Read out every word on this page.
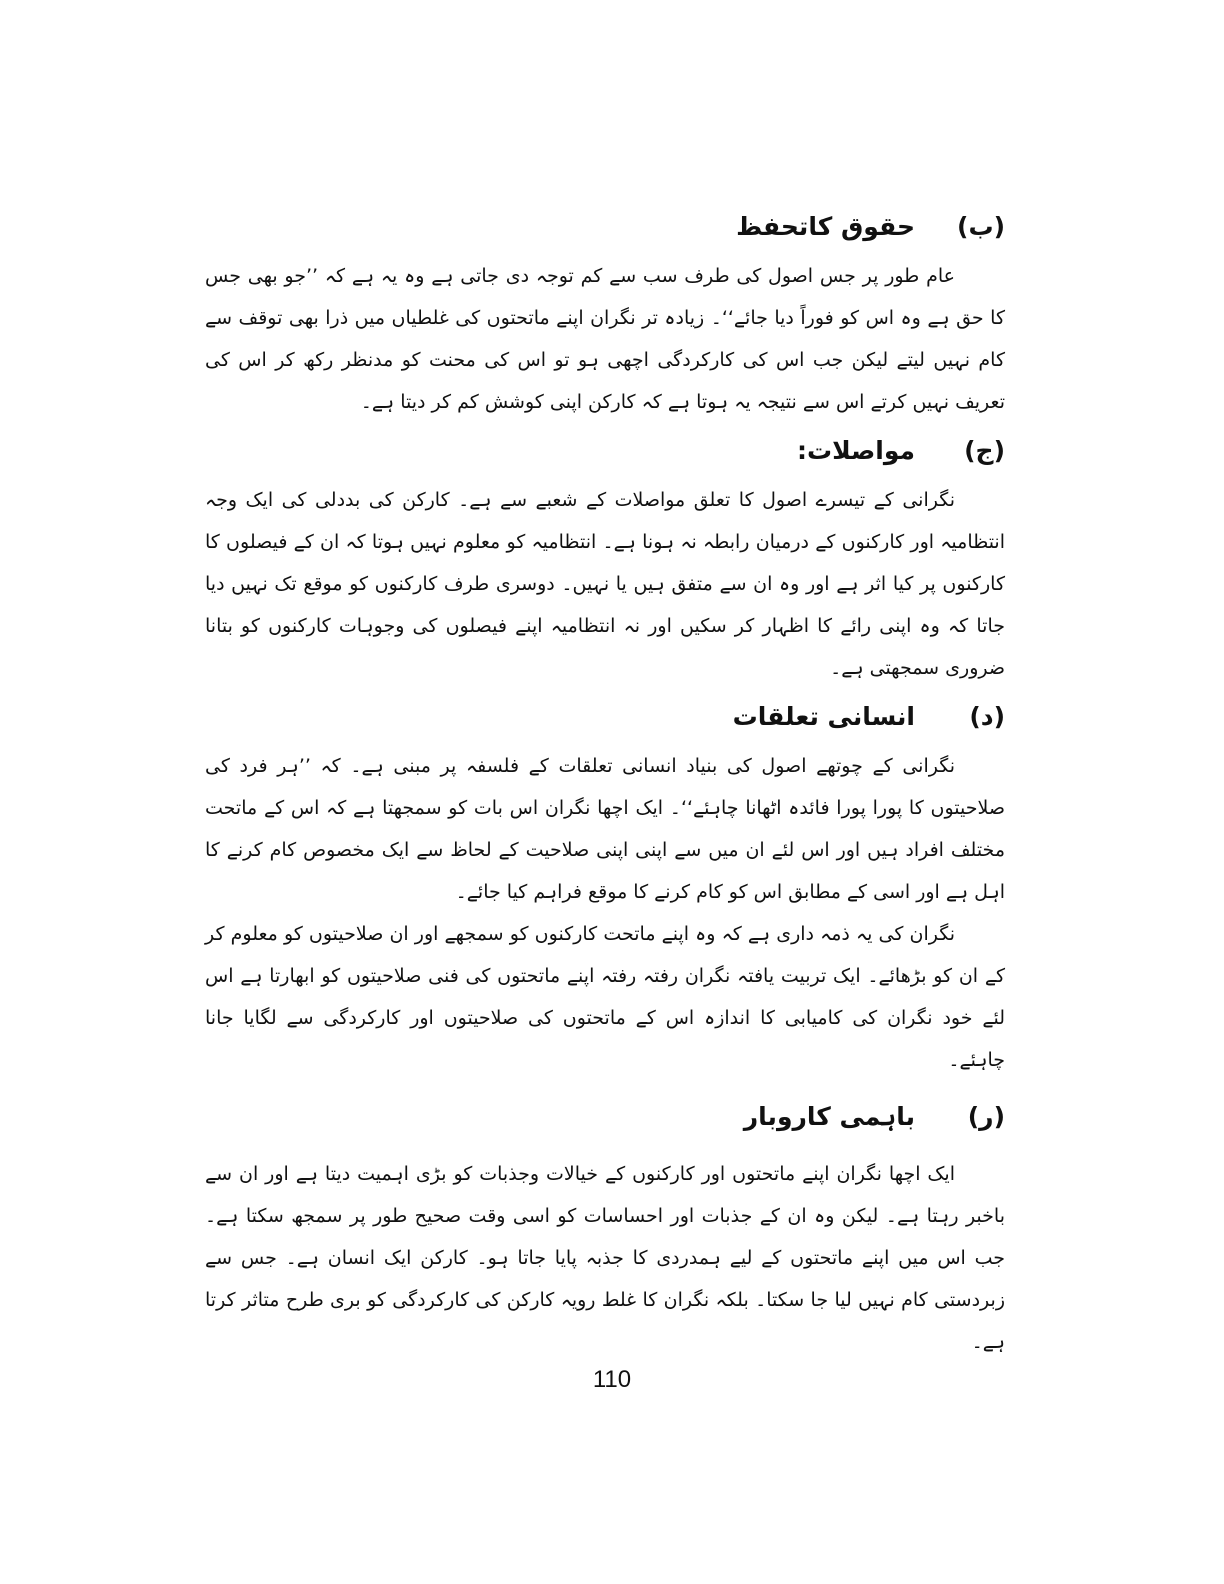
(ب)
حقوق کاتحفظ

عام طور پر جس اصول کی طرف سب سے کم توجہ دی جاتی ہے وہ یہ ہے کہ ’’جو بھی جس کا حق ہے وہ اس کو فوراً دیا جائے‘‘۔ زیادہ تر نگران اپنے ماتحتوں کی غلطیاں میں ذرا بھی توقف سے کام نہیں لیتے لیکن جب اس کی کارکردگی اچھی ہو تو اس کی محنت کو مدنظر رکھ کر اس کی تعریف نہیں کرتے اس سے نتیجہ یہ ہوتا ہے کہ کارکن اپنی کوشش کم کر دیتا ہے۔

(ج)
مواصلات:

نگرانی کے تیسرے اصول کا تعلق مواصلات کے شعبے سے ہے۔ کارکن کی بددلی کی ایک وجہ انتظامیہ اور کارکنوں کے درمیان رابطہ نہ ہونا ہے۔ انتظامیہ کو معلوم نہیں ہوتا کہ ان کے فیصلوں کا کارکنوں پر کیا اثر ہے اور وہ ان سے متفق ہیں یا نہیں۔ دوسری طرف کارکنوں کو موقع تک نہیں دیا جاتا کہ وہ اپنی رائے کا اظہار کر سکیں اور نہ انتظامیہ اپنے فیصلوں کی وجوہات کارکنوں کو بتانا ضروری سمجھتی ہے۔

(د)
انسانی تعلقات

نگرانی کے چوتھے اصول کی بنیاد انسانی تعلقات کے فلسفہ پر مبنی ہے۔ کہ ’’ہر فرد کی صلاحیتوں کا پورا پورا فائدہ اٹھانا چاہئے‘‘۔ ایک اچھا نگران اس بات کو سمجھتا ہے کہ اس کے ماتحت مختلف افراد ہیں اور اس لئے ان میں سے اپنی اپنی صلاحیت کے لحاظ سے ایک مخصوص کام کرنے کا اہل ہے اور اسی کے مطابق اس کو کام کرنے کا موقع فراہم کیا جائے۔

نگران کی یہ ذمہ داری ہے کہ وہ اپنے ماتحت کارکنوں کو سمجھے اور ان صلاحیتوں کو معلوم کر کے ان کو بڑھائے۔ ایک تربیت یافتہ نگران رفتہ رفتہ اپنے ماتحتوں کی فنی صلاحیتوں کو ابھارتا ہے اس لئے خود نگران کی کامیابی کا اندازہ اس کے ماتحتوں کی صلاحیتوں اور کارکردگی سے لگایا جانا چاہئے۔

(ر)
باہمی کاروبار

ایک اچھا نگران اپنے ماتحتوں اور کارکنوں کے خیالات وجذبات کو بڑی اہمیت دیتا ہے اور ان سے باخبر رہتا ہے۔ لیکن وہ ان کے جذبات اور احساسات کو اسی وقت صحیح طور پر سمجھ سکتا ہے۔ جب اس میں اپنے ماتحتوں کے لیے ہمدردی کا جذبہ پایا جاتا ہو۔ کارکن ایک انسان ہے۔ جس سے زبردستی کام نہیں لیا جا سکتا۔ بلکہ نگران کا غلط رویہ کارکن کی کارکردگی کو بری طرح متاثر کرتا ہے۔

110
